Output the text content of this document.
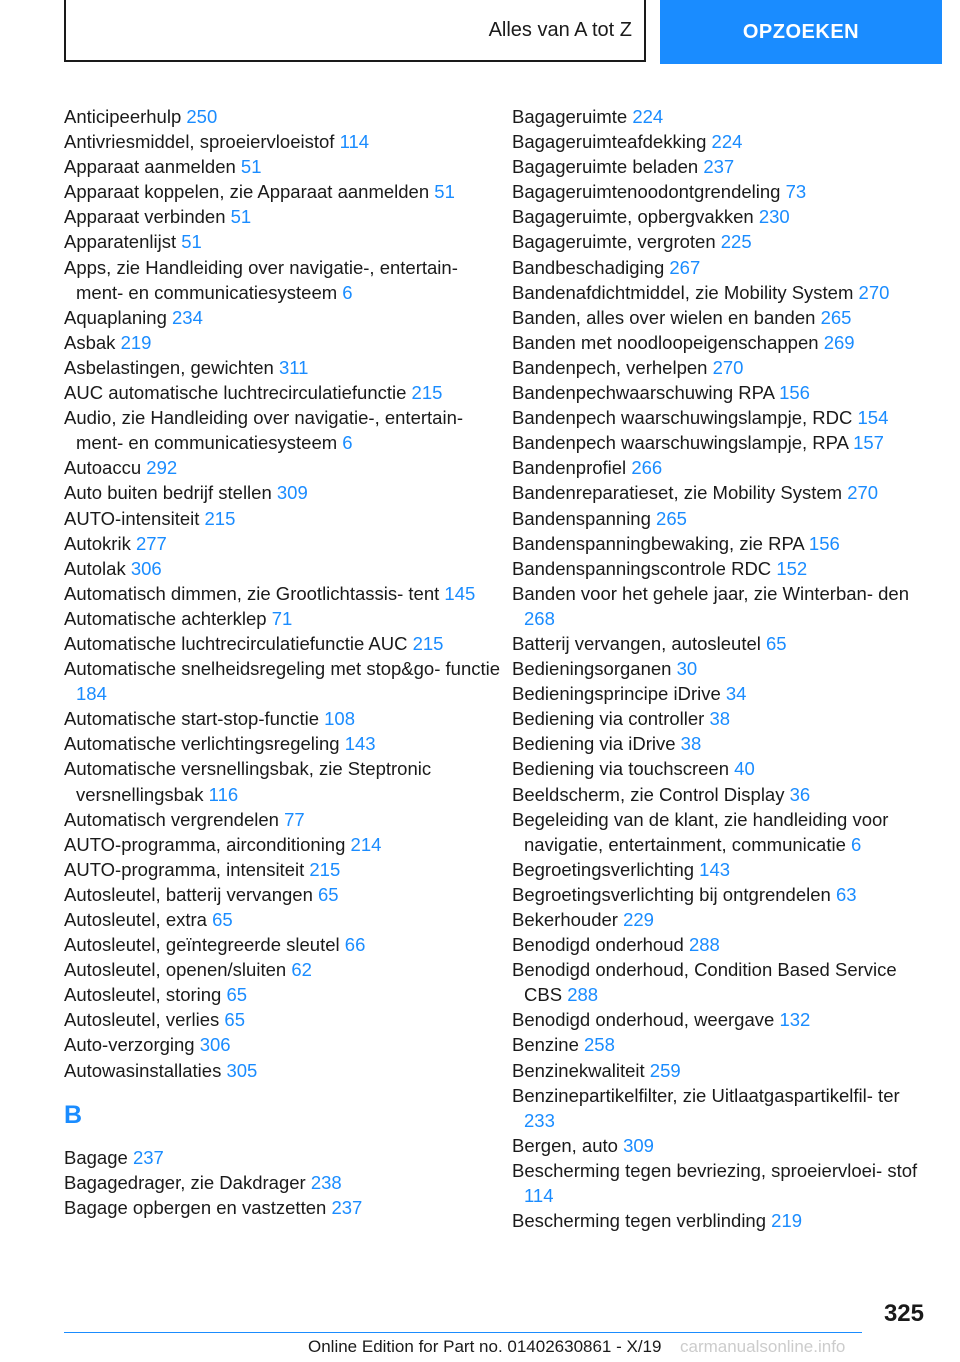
Alles van A tot Z	OPZOEKEN
Anticipeerhulp 250
Antivriesmiddel, sproeiervloeistof 114
Apparaat aanmelden 51
Apparaat koppelen, zie Apparaat aanmelden 51
Apparaat verbinden 51
Apparatenlijst 51
Apps, zie Handleiding over navigatie-, entertain‐ ment- en communicatiesysteem 6
Aquaplaning 234
Asbak 219
Asbelastingen, gewichten 311
AUC automatische luchtrecirculatiefunctie 215
Audio, zie Handleiding over navigatie-, entertain‐ ment- en communicatiesysteem 6
Autoaccu 292
Auto buiten bedrijf stellen 309
AUTO-intensiteit 215
Autokrik 277
Autolak 306
Automatisch dimmen, zie Grootlichtassis‐ tent 145
Automatische achterklep 71
Automatische luchtrecirculatiefunctie AUC 215
Automatische snelheidsregeling met stop&go- functie 184
Automatische start-stop-functie 108
Automatische verlichtingsregeling 143
Automatische versnellingsbak, zie Steptronic versnellingsbak 116
Automatisch vergrendelen 77
AUTO-programma, airconditioning 214
AUTO-programma, intensiteit 215
Autosleutel, batterij vervangen 65
Autosleutel, extra 65
Autosleutel, geïntegreerde sleutel 66
Autosleutel, openen/sluiten 62
Autosleutel, storing 65
Autosleutel, verlies 65
Auto-verzorging 306
Autowasinstallaties 305
B
Bagage 237
Bagagedrager, zie Dakdrager 238
Bagage opbergen en vastzetten 237
Bagageruimte 224
Bagageruimteafdekking 224
Bagageruimte beladen 237
Bagageruimtenoodontgrendeling 73
Bagageruimte, opbergvakken 230
Bagageruimte, vergroten 225
Bandbeschadiging 267
Bandenafdichtmiddel, zie Mobility System 270
Banden, alles over wielen en banden 265
Banden met noodloopeigenschappen 269
Bandenpech, verhelpen 270
Bandenpechwaarschuwing RPA 156
Bandenpech waarschuwingslampje, RDC 154
Bandenpech waarschuwingslampje, RPA 157
Bandenprofiel 266
Bandenreparatieset, zie Mobility System 270
Bandenspanning 265
Bandenspanningbewaking, zie RPA 156
Bandenspanningscontrole RDC 152
Banden voor het gehele jaar, zie Winterban‐ den 268
Batterij vervangen, autosleutel 65
Bedieningsorganen 30
Bedieningsprincipe iDrive 34
Bediening via controller 38
Bediening via iDrive 38
Bediening via touchscreen 40
Beeldscherm, zie Control Display 36
Begeleiding van de klant, zie handleiding voor navigatie, entertainment, communicatie 6
Begroetingsverlichting 143
Begroetingsverlichting bij ontgrendelen 63
Bekerhouder 229
Benodigd onderhoud 288
Benodigd onderhoud, Condition Based Service CBS 288
Benodigd onderhoud, weergave 132
Benzine 258
Benzinekwaliteit 259
Benzinepartikelfilter, zie Uitlaatgaspartikelfil‐ ter 233
Bergen, auto 309
Bescherming tegen bevriezing, sproeiervloei‐ stof 114
Bescherming tegen verblinding 219
325
Online Edition for Part no. 01402630861 - X/19 carmanualsonline.info
